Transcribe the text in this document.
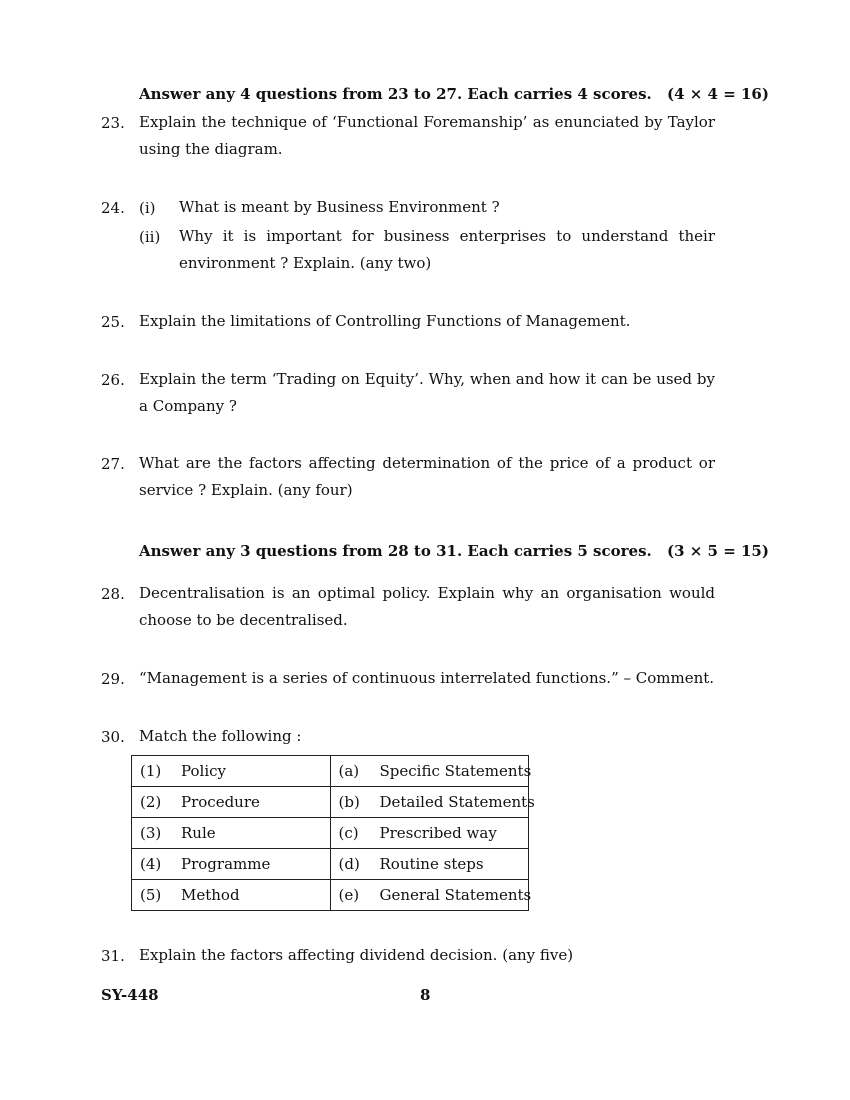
Answer any 4 questions from 23 to 27. Each carries 4 scores. (4 × 4 = 16)
23. Explain the technique of ‘Functional Foremanship’ as enunciated by Taylor using the diagram.
24. (i) What is meant by Business Environment ?
(ii) Why it is important for business enterprises to understand their environment ? Explain. (any two)
25. Explain the limitations of Controlling Functions of Management.
26. Explain the term ‘Trading on Equity’. Why, when and how it can be used by a Company ?
27. What are the factors affecting determination of the price of a product or service ? Explain. (any four)
Answer any 3 questions from 28 to 31. Each carries 5 scores. (3 × 5 = 15)
28. Decentralisation is an optimal policy. Explain why an organisation would choose to be decentralised.
29. “Management is a series of continuous interrelated functions.” – Comment.
30. Match the following :
(1) Policy	(a) Specific Statements

(2) Procedure	(b) Detailed Statements

(3) Rule	(c) Prescribed way

(4) Programme	(d) Routine steps

(5) Method	(e) General Statements
31. Explain the factors affecting dividend decision. (any five)
SY-448	8
